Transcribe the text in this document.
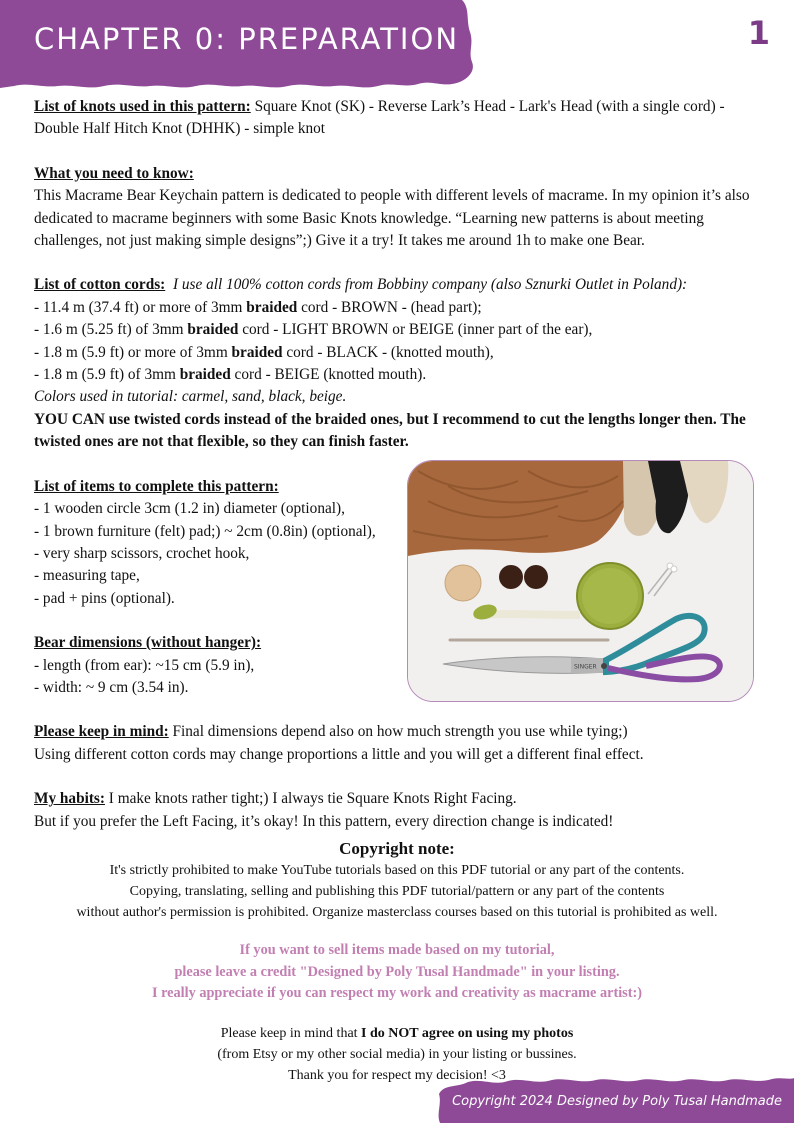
CHAPTER 0: PREPARATION	1

List of knots used in this pattern: Square Knot (SK) - Reverse Lark’s Head - Lark's Head (with a single cord) - Double Half Hitch Knot (DHHK) - simple knot

What you need to know:

This Macrame Bear Keychain pattern is dedicated to people with different levels of macrame. In my opinion it’s also dedicated to macrame beginners with some Basic Knots knowledge. “Learning new patterns is about meeting challenges, not just making simple designs”;) Give it a try! It takes me around 1h to make one Bear.

List of cotton cords: I use all 100% cotton cords from Bobbiny company (also Sznurki Outlet in Poland):

- 11.4 m (37.4 ft) or more of 3mm braided cord - BROWN - (head part);

- 1.6 m (5.25 ft) of 3mm braided cord - LIGHT BROWN or BEIGE (inner part of the ear),

- 1.8 m (5.9 ft) or more of 3mm braided cord - BLACK - (knotted mouth),

- 1.8 m (5.9 ft) of 3mm braided cord - BEIGE (knotted mouth).

Colors used in tutorial: carmel, sand, black, beige.

YOU CAN use twisted cords instead of the braided ones, but I recommend to cut the lengths longer then. The twisted ones are not that flexible, so they can finish faster.

List of items to complete this pattern:

- 1 wooden circle 3cm (1.2 in) diameter (optional),

- 1 brown furniture (felt) pad;) ~ 2cm (0.8in) (optional),

- very sharp scissors, crochet hook,

- measuring tape,

- pad + pins (optional).

Bear dimensions (without hanger):

- length (from ear): ~15 cm (5.9 in),

- width: ~ 9 cm (3.54 in).

Please keep in mind: Final dimensions depend also on how much strength you use while tying;)

Using different cotton cords may change proportions a little and you will get a different final effect.

My habits: I make knots rather tight;) I always tie Square Knots Right Facing.

But if you prefer the Left Facing, it’s okay! In this pattern, every direction change is indicated!

SINGER

Copyright note:

It's strictly prohibited to make YouTube tutorials based on this PDF tutorial or any part of the contents.

Copying, translating, selling and publishing this PDF tutorial/pattern or any part of the contents

without author's permission is prohibited. Organize masterclass courses based on this tutorial is prohibited as well.

If you want to sell items made based on my tutorial,

please leave a credit "Designed by Poly Tusal Handmade" in your listing.

I really appreciate if you can respect my work and creativity as macrame artist:)

Please keep in mind that I do NOT agree on using my photos

(from Etsy or my other social media) in your listing or bussines.

Thank you for respect my decision! <3

Copyright 2024 Designed by Poly Tusal Handmade
